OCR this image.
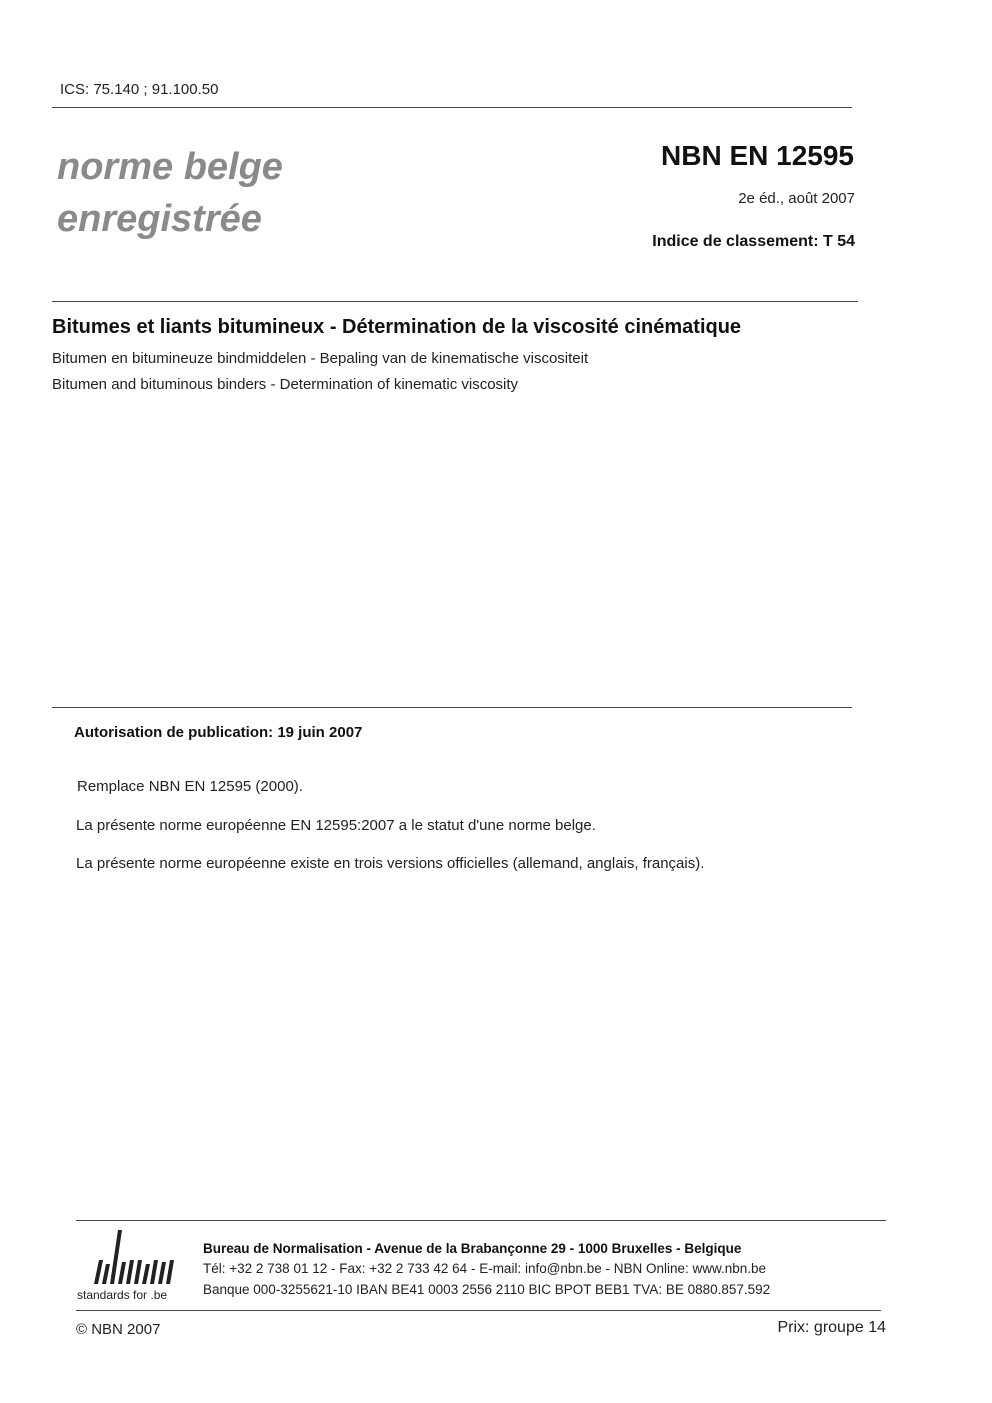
ICS: 75.140 ; 91.100.50
norme belge
enregistrée
NBN EN 12595
2e éd., août 2007
Indice de classement: T 54
Bitumes et liants bitumineux - Détermination de la viscosité cinématique
Bitumen en bitumineuze bindmiddelen - Bepaling van de kinematische viscositeit
Bitumen and bituminous binders - Determination of kinematic viscosity
Autorisation de publication: 19 juin 2007
Remplace NBN EN 12595 (2000).
La présente norme européenne EN 12595:2007 a le statut d'une norme belge.
La présente norme européenne existe en trois versions officielles (allemand, anglais, français).
standards for .be
Bureau de Normalisation - Avenue de la Brabançonne 29 - 1000 Bruxelles - Belgique
Tél: +32 2 738 01 12 - Fax: +32 2 733 42 64 - E-mail: info@nbn.be - NBN Online: www.nbn.be
Banque 000-3255621-10 IBAN BE41 0003 2556 2110 BIC BPOT BEB1 TVA: BE 0880.857.592
© NBN 2007	Prix: groupe 14
